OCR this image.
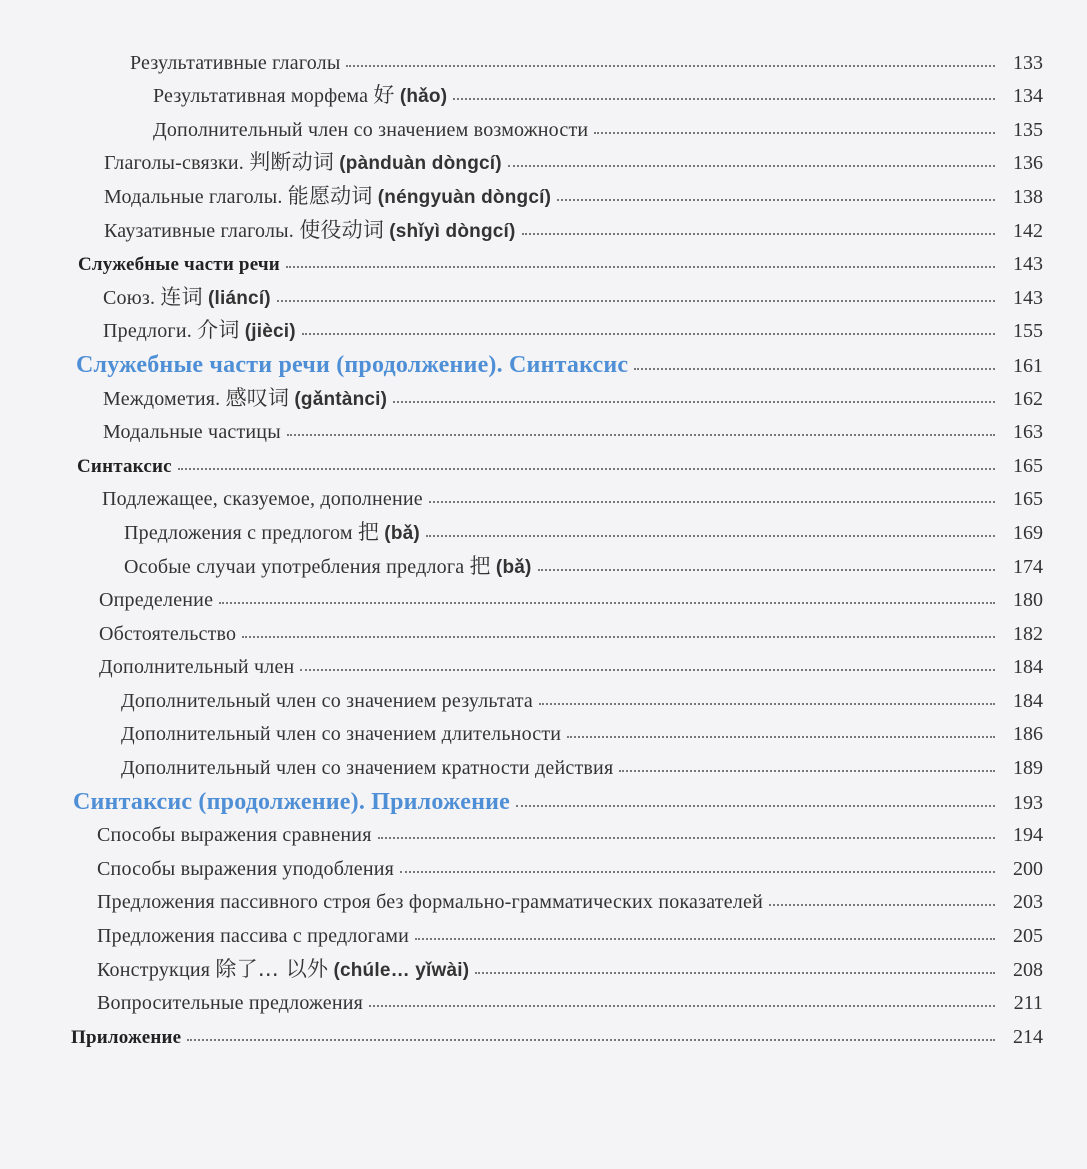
Результативные глаголы	133
Результативная морфема 好 (hǎo)	134
Дополнительный член со значением возможности	135
Глаголы-связки. 判断动词 (pànduàn dòngcí)	136
Модальные глаголы. 能愿动词 (néngyuàn dòngcí)	138
Каузативные глаголы. 使役动词 (shǐyì dòngcí)	142
Служебные части речи	143
Союз. 连词 (liáncí)	143
Предлоги. 介词 (jièci)	155
Служебные части речи (продолжение). Синтаксис	161
Междометия. 感叹词 (gǎntànci)	162
Модальные частицы	163
Синтаксис	165
Подлежащее, сказуемое, дополнение	165
Предложения с предлогом 把 (bǎ)	169
Особые случаи употребления предлога 把 (bǎ)	174
Определение	180
Обстоятельство	182
Дополнительный член	184
Дополнительный член со значением результата	184
Дополнительный член со значением длительности	186
Дополнительный член со значением кратности действия	189
Синтаксис (продолжение). Приложение	193
Способы выражения сравнения	194
Способы выражения уподобления	200
Предложения пассивного строя без формально-грамматических показателей	203
Предложения пассива с предлогами	205
Конструкция 除了… 以外 (chúle… yǐwài)	208
Вопросительные предложения	211
Приложение	214
